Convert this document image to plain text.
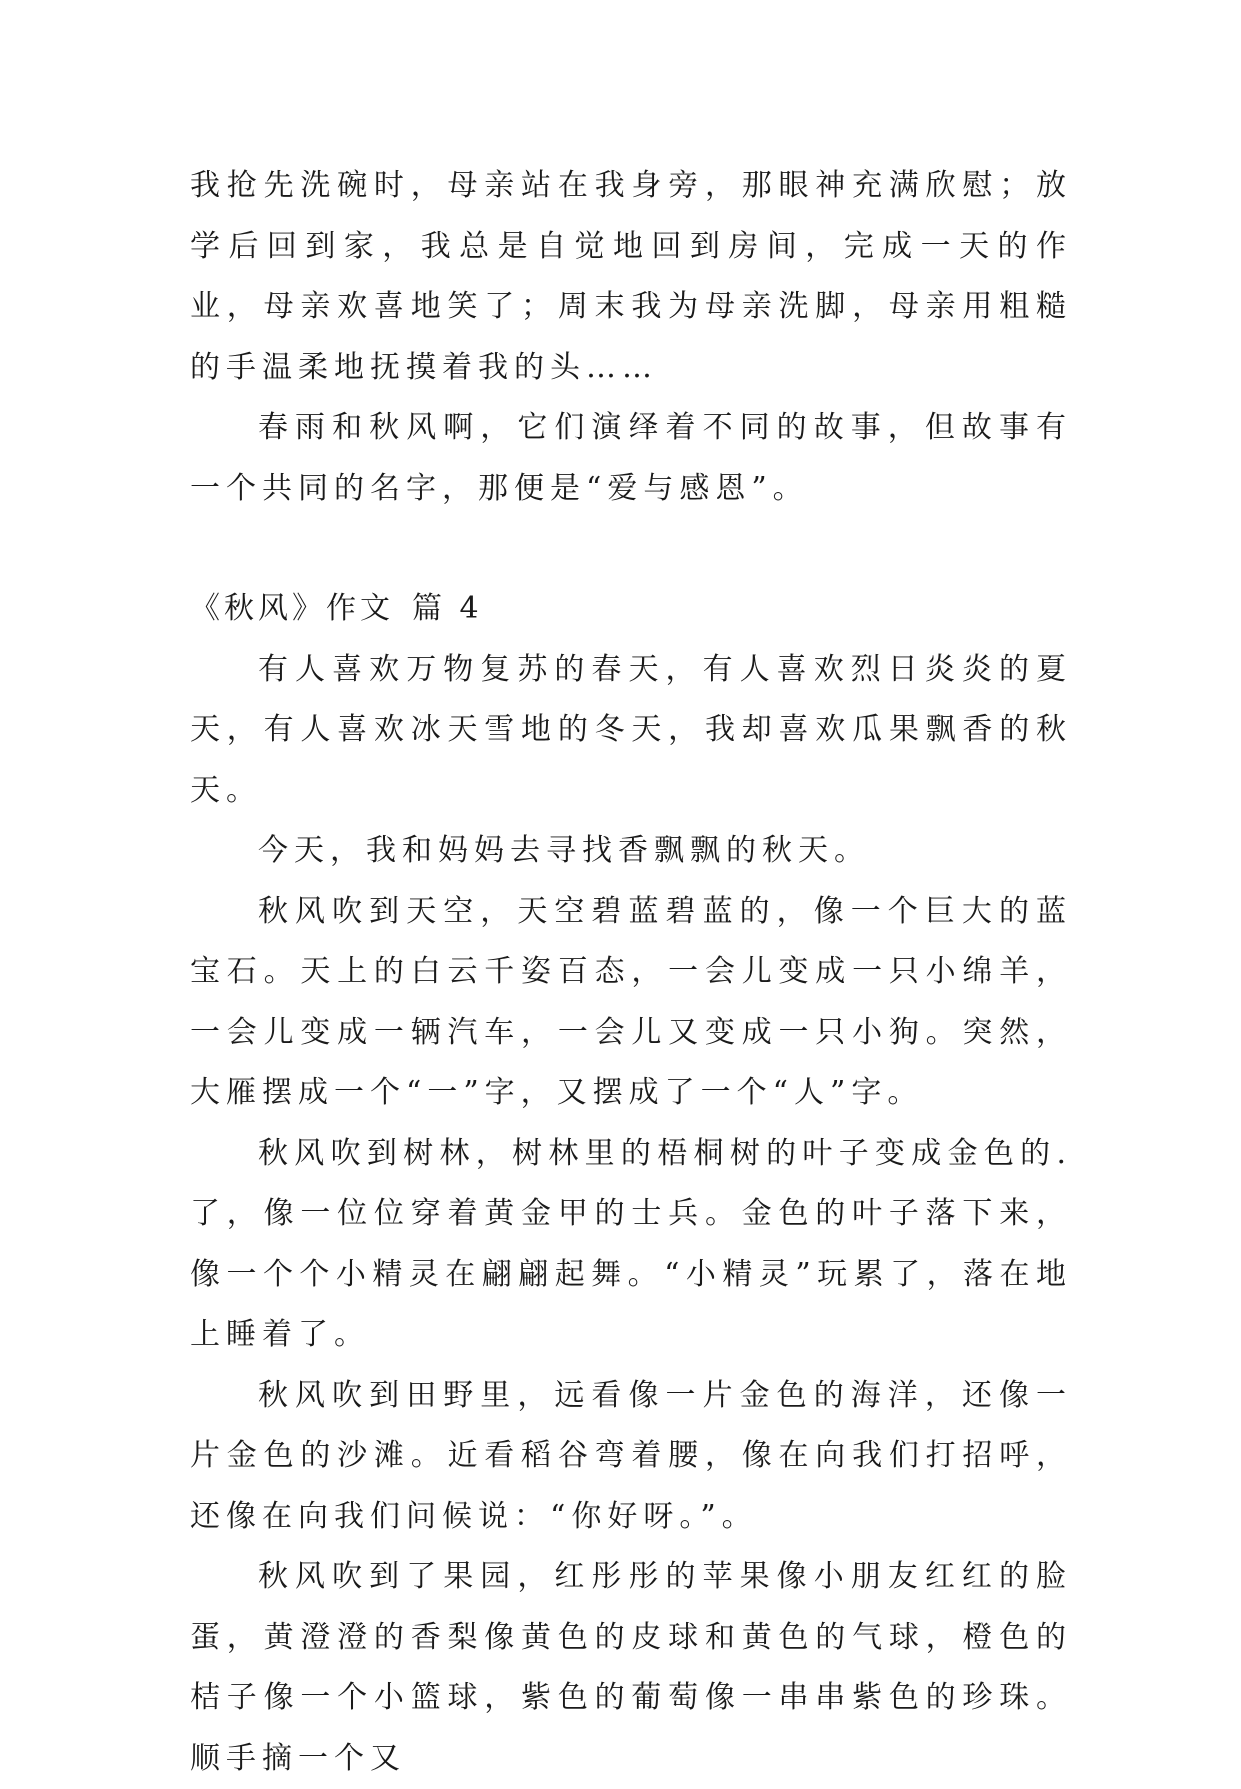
我抢先洗碗时，母亲站在我身旁，那眼神充满欣慰；放学后回到家，我总是自觉地回到房间，完成一天的作业，母亲欢喜地笑了；周末我为母亲洗脚，母亲用粗糙的手温柔地抚摸着我的头……

春雨和秋风啊，它们演绎着不同的故事，但故事有一个共同的名字，那便是“爱与感恩”。

《秋风》作文 篇 4

有人喜欢万物复苏的春天，有人喜欢烈日炎炎的夏天，有人喜欢冰天雪地的冬天，我却喜欢瓜果飘香的秋天。

今天，我和妈妈去寻找香飘飘的秋天。

秋风吹到天空，天空碧蓝碧蓝的，像一个巨大的蓝宝石。天上的白云千姿百态，一会儿变成一只小绵羊，一会儿变成一辆汽车，一会儿又变成一只小狗。突然，大雁摆成一个“一”字，又摆成了一个“人”字。

秋风吹到树林，树林里的梧桐树的叶子变成金色的.了，像一位位穿着黄金甲的士兵。金色的叶子落下来，像一个个小精灵在翩翩起舞。“小精灵”玩累了，落在地上睡着了。

秋风吹到田野里，远看像一片金色的海洋，还像一片金色的沙滩。近看稻谷弯着腰，像在向我们打招呼，还像在向我们问候说：“你好呀。”。

秋风吹到了果园，红彤彤的苹果像小朋友红红的脸蛋，黄澄澄的香梨像黄色的皮球和黄色的气球，橙色的桔子像一个小篮球，紫色的葡萄像一串串紫色的珍珠。顺手摘一个又
